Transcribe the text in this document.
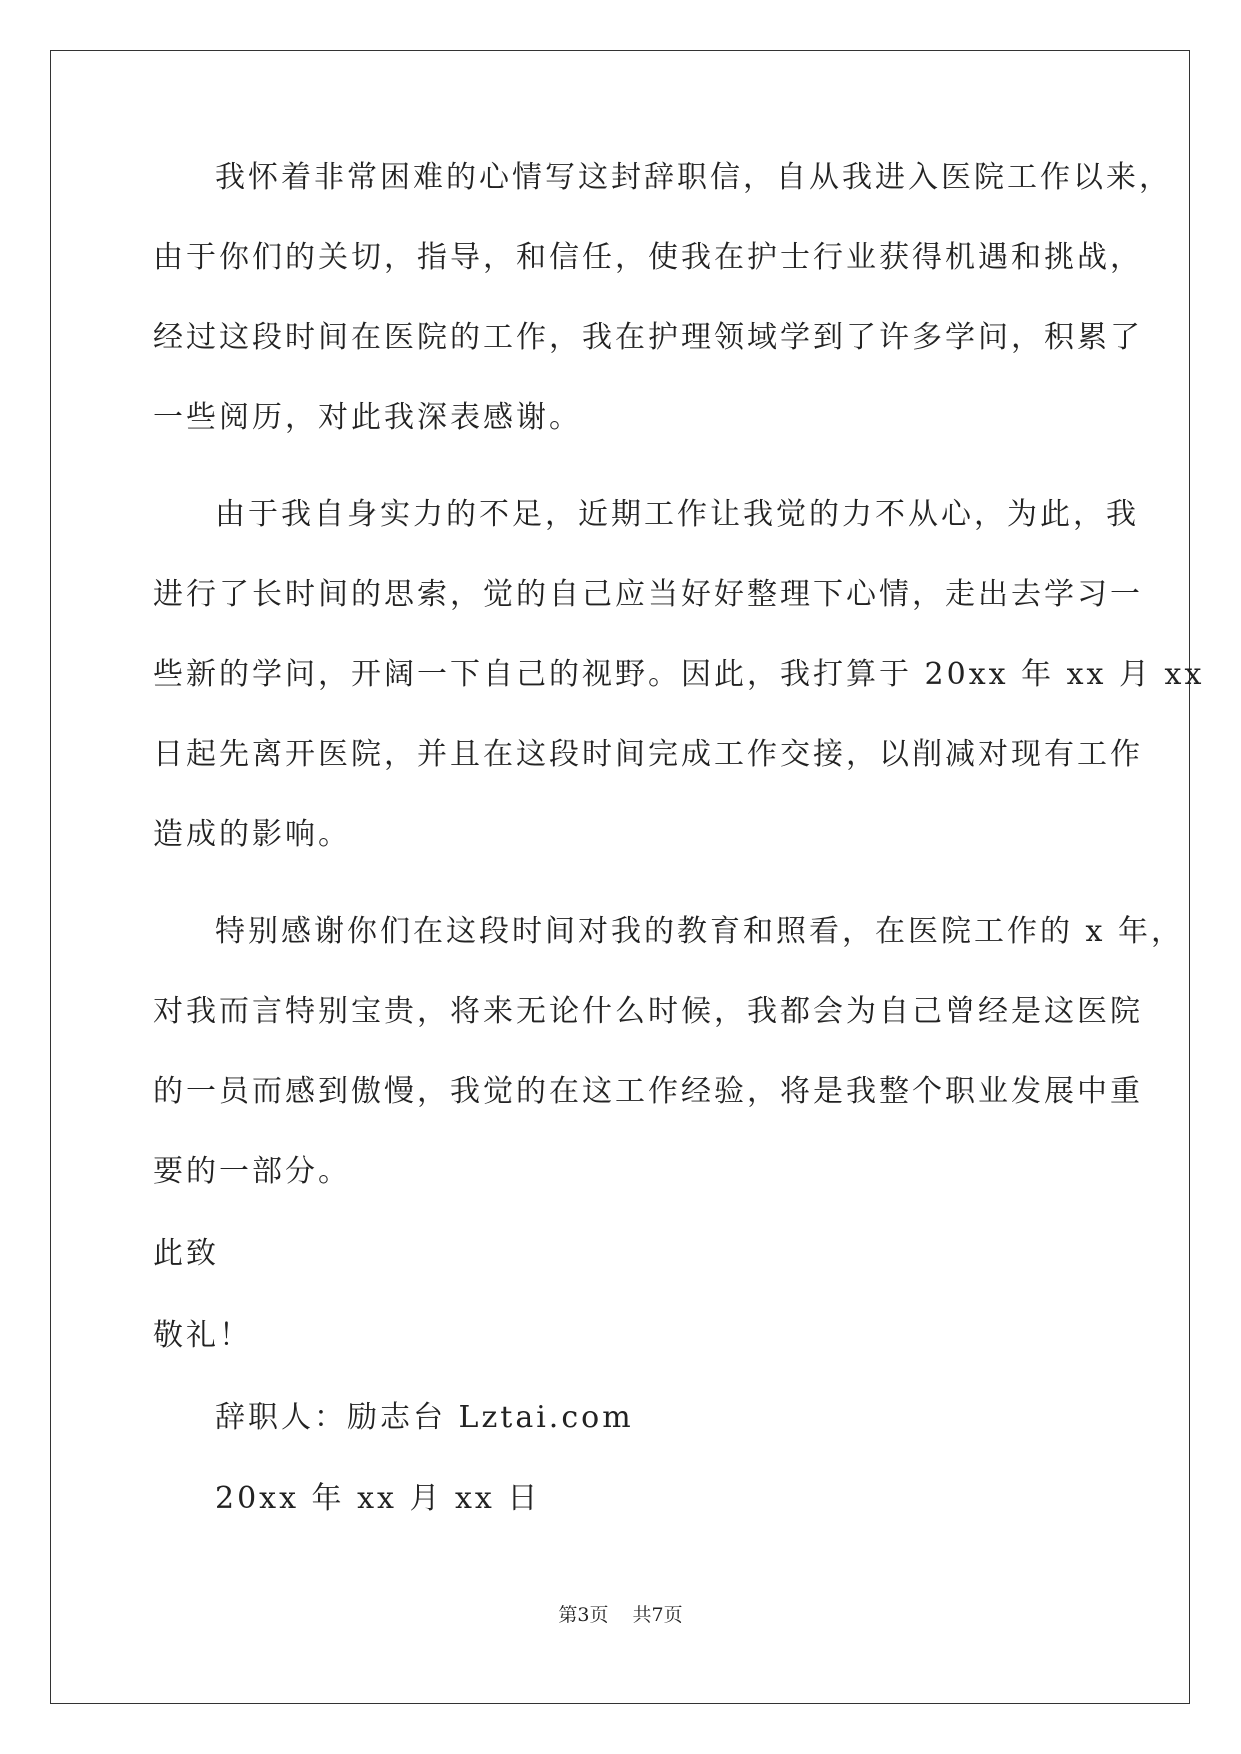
我怀着非常困难的心情写这封辞职信，自从我进入医院工作以来，
由于你们的关切，指导，和信任，使我在护士行业获得机遇和挑战，
经过这段时间在医院的工作，我在护理领域学到了许多学问，积累了
一些阅历，对此我深表感谢。
由于我自身实力的不足，近期工作让我觉的力不从心，为此，我
进行了长时间的思索，觉的自己应当好好整理下心情，走出去学习一
些新的学问，开阔一下自己的视野。因此，我打算于 20xx 年 xx 月 xx
日起先离开医院，并且在这段时间完成工作交接，以削减对现有工作
造成的影响。
特别感谢你们在这段时间对我的教育和照看，在医院工作的 x 年，
对我而言特别宝贵，将来无论什么时候，我都会为自己曾经是这医院
的一员而感到傲慢，我觉的在这工作经验，将是我整个职业发展中重
要的一部分。
此致
敬礼！
辞职人：励志台 Lztai.com
20xx 年 xx 月 xx 日
第3页 共7页
